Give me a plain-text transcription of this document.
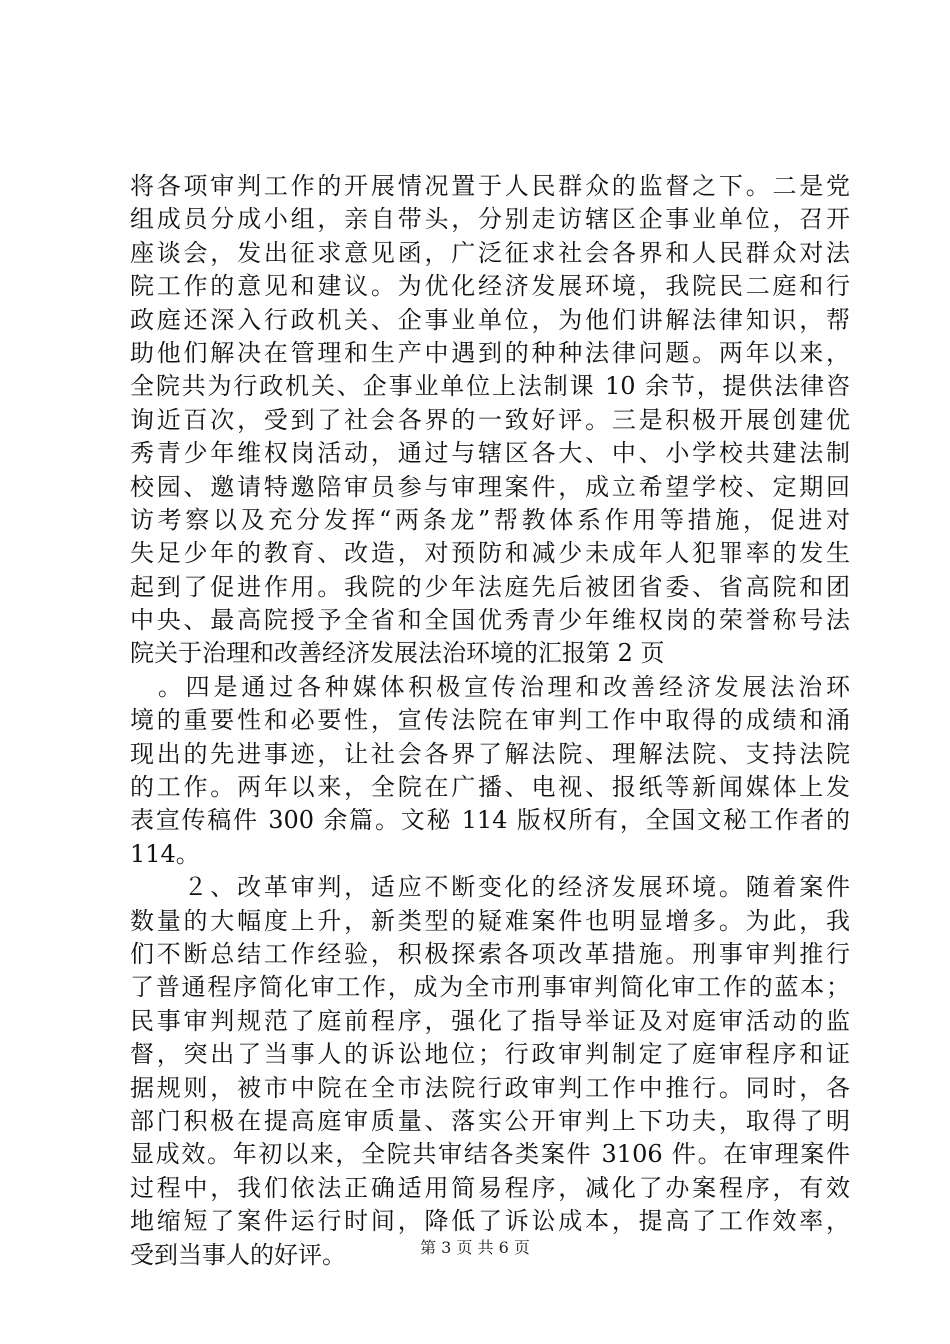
将各项审判工作的开展情况置于人民群众的监督之下。二是党
组成员分成小组，亲自带头，分别走访辖区企事业单位，召开
座谈会，发出征求意见函，广泛征求社会各界和人民群众对法
院工作的意见和建议。为优化经济发展环境，我院民二庭和行
政庭还深入行政机关、企事业单位，为他们讲解法律知识，帮
助他们解决在管理和生产中遇到的种种法律问题。两年以来，
全院共为行政机关、企事业单位上法制课 10 余节，提供法律咨
询近百次，受到了社会各界的一致好评。三是积极开展创建优
秀青少年维权岗活动，通过与辖区各大、中、小学校共建法制
校园、邀请特邀陪审员参与审理案件，成立希望学校、定期回
访考察以及充分发挥“两条龙”帮教体系作用等措施，促进对
失足少年的教育、改造，对预防和减少未成年人犯罪率的发生
起到了促进作用。我院的少年法庭先后被团省委、省高院和团
中央、最高院授予全省和全国优秀青少年维权岗的荣誉称号法
院关于治理和改善经济发展法治环境的汇报第 2 页
　。四是通过各种媒体积极宣传治理和改善经济发展法治环
境的重要性和必要性，宣传法院在审判工作中取得的成绩和涌
现出的先进事迹，让社会各界了解法院、理解法院、支持法院
的工作。两年以来，全院在广播、电视、报纸等新闻媒体上发
表宣传稿件 300 余篇。文秘 114 版权所有，全国文秘工作者的
114。
　　２、改革审判，适应不断变化的经济发展环境。随着案件
数量的大幅度上升，新类型的疑难案件也明显增多。为此，我
们不断总结工作经验，积极探索各项改革措施。刑事审判推行
了普通程序简化审工作，成为全市刑事审判简化审工作的蓝本；
民事审判规范了庭前程序，强化了指导举证及对庭审活动的监
督，突出了当事人的诉讼地位；行政审判制定了庭审程序和证
据规则，被市中院在全市法院行政审判工作中推行。同时，各
部门积极在提高庭审质量、落实公开审判上下功夫，取得了明
显成效。年初以来，全院共审结各类案件 3106 件。在审理案件
过程中，我们依法正确适用简易程序，减化了办案程序，有效
地缩短了案件运行时间，降低了诉讼成本，提高了工作效率，
受到当事人的好评。	第 3 页 共 6 页
